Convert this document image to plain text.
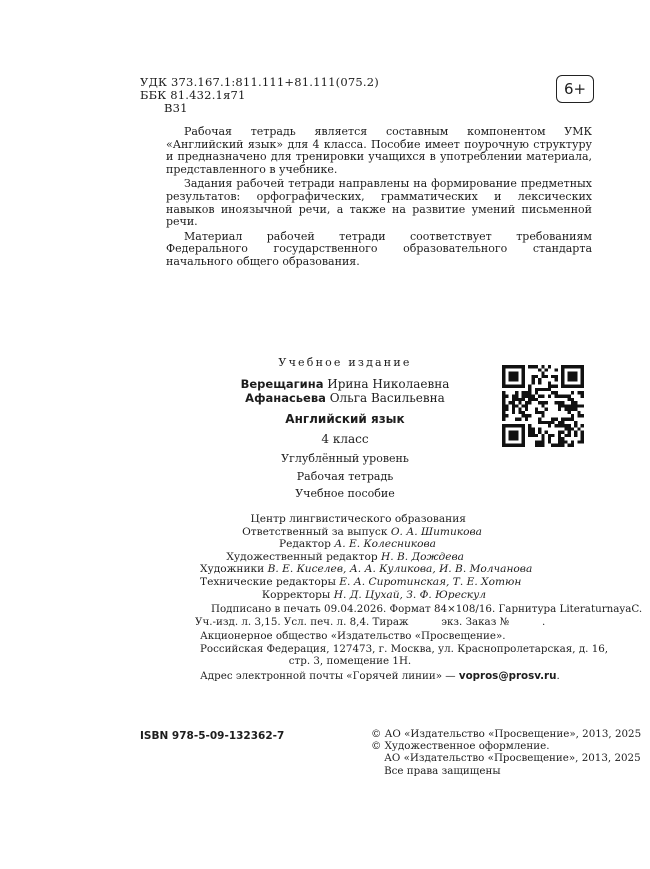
УДК 373.167.1:811.111+81.111(075.2)
ББК 81.432.1я71
В31
6+

Рабочая тетрадь является составным компонентом УМК «Английский язык» для 4 класса. Пособие имеет поурочную структуру и предназначено для тренировки учащихся в употреблении материала, представленного в учебнике.

Задания рабочей тетради направлены на формирование предметных результатов: орфографических, грамматических и лексических навыков иноязычной речи, а также на развитие умений письменной речи.

Материал рабочей тетради соответствует требованиям Федерального государственного образовательного стандарта начального общего образования.

Учебное издание
Верещагина Ирина Николаевна
Афанасьева Ольга Васильевна
Английский язык
4 класс
Углублённый уровень
Рабочая тетрадь
Учебное пособие
Центр лингвистического образования
Ответственный за выпуск О. А. Шитикова
Редактор А. Е. Колесникова
Художественный редактор Н. В. Дождева
Художники В. Е. Киселев, А. А. Куликова, И. В. Молчанова
Технические редакторы Е. А. Сиротинская, Т. Е. Хотюн
Корректоры Н. Д. Цухай, З. Ф. Юрескул
Подписано в печать 09.04.2026. Формат 84×108/16. Гарнитура LiteraturnayaC.
Уч.-изд. л. 3,15. Усл. печ. л. 8,4. Тираж          экз. Заказ №          .
Акционерное общество «Издательство «Просвещение».
Российская Федерация, 127473, г. Москва, ул. Краснопролетарская, д. 16,
стр. 3, помещение 1Н.
Адрес электронной почты «Горячей линии» — vopros@prosv.ru.
ISBN 978-5-09-132362-7	© АО «Издательство «Просвещение», 2013, 2025
© Художественное оформление.
АО «Издательство «Просвещение», 2013, 2025
Все права защищены
